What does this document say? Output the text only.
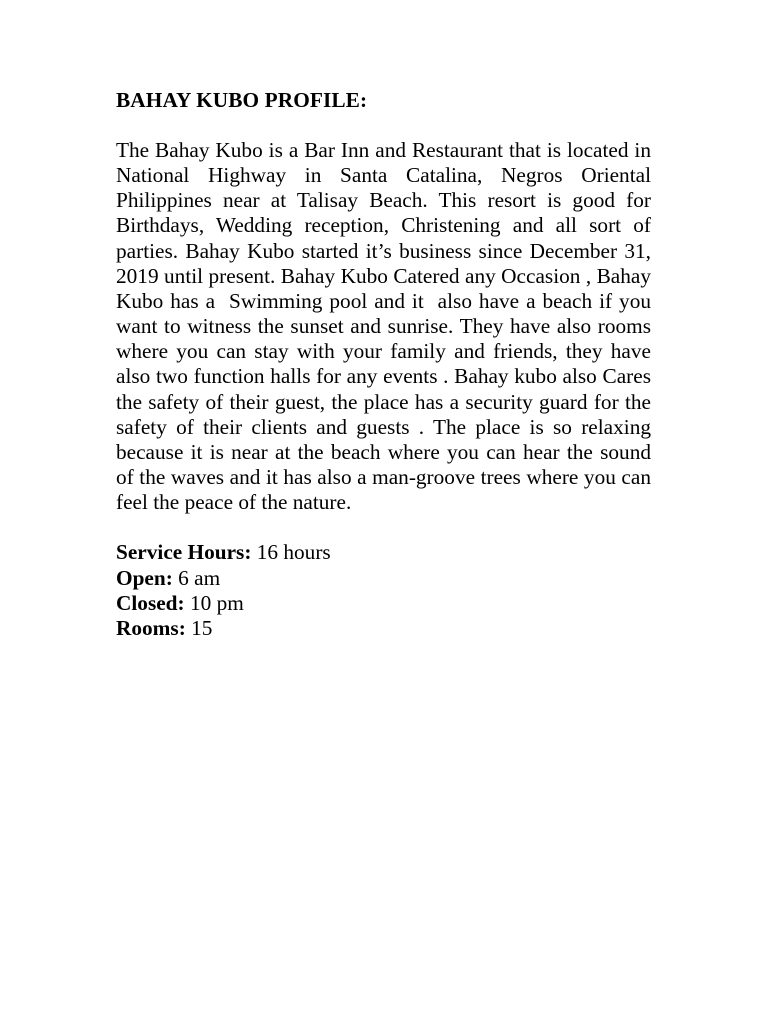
BAHAY KUBO PROFILE:

The Bahay Kubo is a Bar Inn and Restaurant that is located in National Highway in Santa Catalina, Negros Oriental Philippines near at Talisay Beach. This resort is good for Birthdays, Wedding reception, Christening and all sort of parties. Bahay Kubo started it’s business since December 31, 2019 until present. Bahay Kubo Catered any Occasion , Bahay Kubo has a  Swimming pool and it  also have a beach if you want to witness the sunset and sunrise. They have also rooms where you can stay with your family and friends, they have also two function halls for any events . Bahay kubo also Cares the safety of their guest, the place has a security guard for the safety of their clients and guests . The place is so relaxing because it is near at the beach where you can hear the sound of the waves and it has also a man-groove trees where you can feel the peace of the nature.

Service Hours: 16 hours
Open: 6 am
Closed: 10 pm
Rooms: 15
